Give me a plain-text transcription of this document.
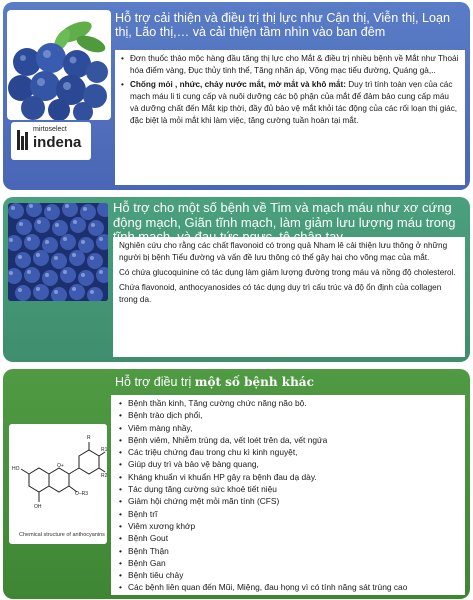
mirtoselect
indena
Hỗ trợ cải thiện và điều trị thị lực như Cận thị, Viễn thị, Loạn thị, Lão thị,… và cải thiện tầm nhìn vào ban đêm
• Đơn thuốc thảo mộc hàng đầu tăng thị lực cho Mắt & điều trị nhiều bệnh về Mắt như Thoái hóa điểm vàng, Đục thủy tinh thể, Tăng nhãn áp, Võng mạc tiểu đường, Quáng gà,..
• Chống mỏi , nhức, chảy nước mắt, mờ mắt và khô mắt: Duy trì tính toàn vẹn của các mạch máu li ti cung cấp và nuôi dưỡng các bộ phận của mắt để đảm bảo cung cấp máu và dưỡng chất đến Mắt kịp thời, đầy đủ bảo vệ mắt khỏi tác động của các rối loạn thị giác, đặc biệt là mỏi mắt khi làm việc, tăng cường tuần hoàn tại mắt.
Hỗ trợ cho một số bệnh về Tim và mạch máu như xơ cứng động mạch, Giãn tĩnh mạch, làm giảm lưu lượng máu trong

Nghiên cứu cho rằng các chất flavonoid có trong quả Nham lê cải thiện lưu thông ở những người bị bệnh Tiểu đường và vấn đề lưu thông có thể gây hại cho võng mạc của mắt.

Có chứa glucoquinine có tác dụng làm giảm lượng đường trong máu và nồng độ cholesterol.

Chứa flavonoid, anthocyanosides có tác dụng duy trì cấu trúc và độ ổn định của collagen trong da.

Hỗ trợ điều trị một số bệnh khác
HO
OH
O+
O–R3
R
R1
R2
Chemical structure of anthocyanins
• Bệnh thần kinh, Tăng cường chức năng não bộ.
• Bệnh trào dịch phổi,
• Viêm màng nhầy,
• Bệnh viêm, Nhiễm trùng da, vết loét trên da, vết ngứa
• Các triệu chứng đau trong chu kì kinh nguyệt,
• Giúp duy trì và bảo vệ bàng quang,
• Kháng khuẩn vi khuẩn HP gây ra bệnh đau dạ dày.
• Tác dụng tăng cường sức khoẻ tiết niệu
• Giảm hội chứng mệt mỏi mãn tính (CFS)
• Bệnh trĩ
• Viêm xương khớp
• Bệnh Gout
• Bệnh Thận
• Bệnh Gan
• Bệnh tiêu chảy
• Các bệnh liên quan đến Mũi, Miệng, đau họng vì có tính năng sát trùng cao
